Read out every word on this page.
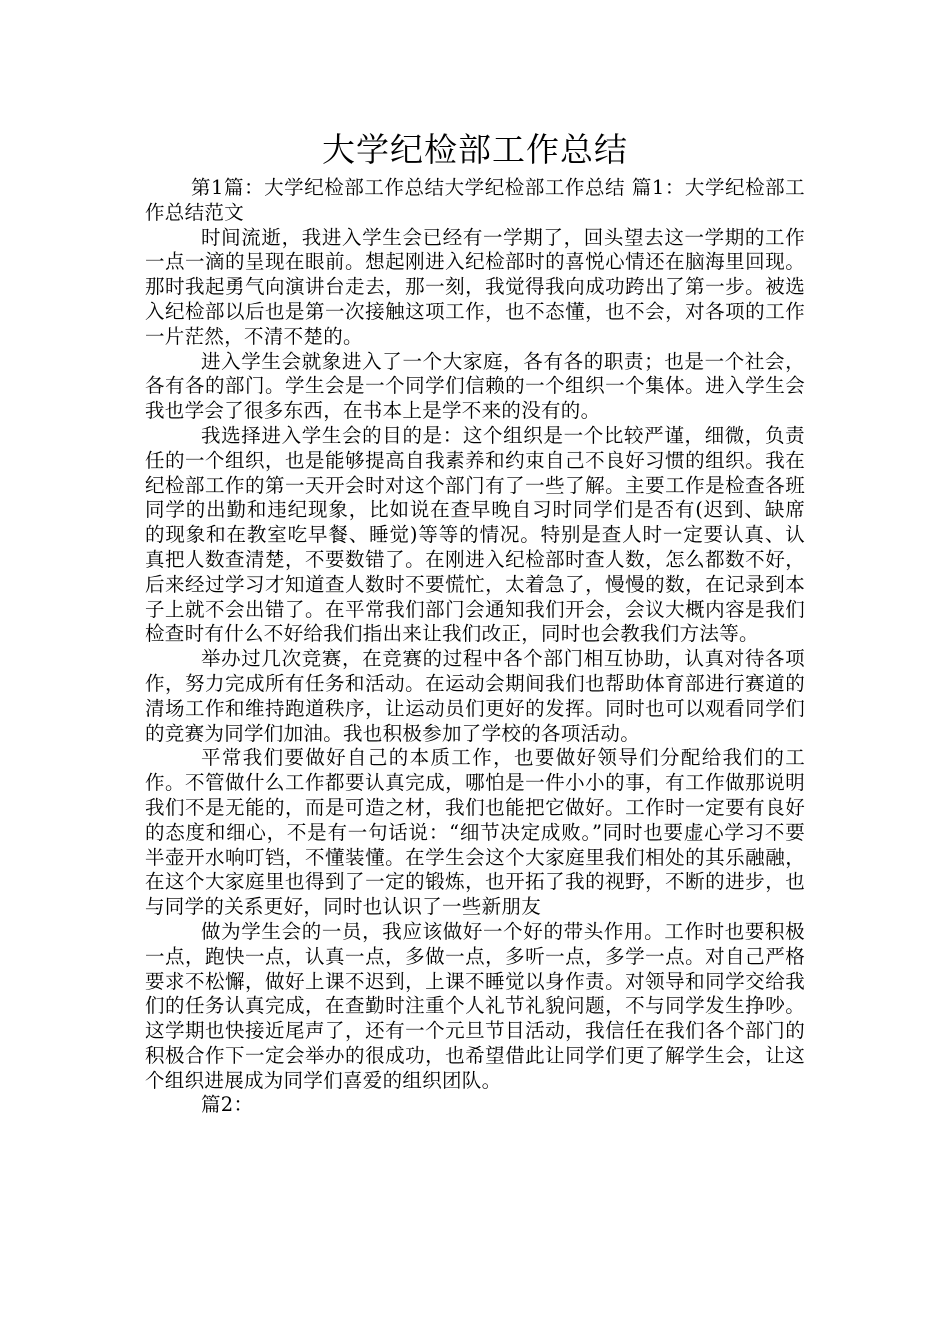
大学纪检部工作总结

第1篇：大学纪检部工作总结大学纪检部工作总结 篇1：大学纪检部工作总结范文

时间流逝，我进入学生会已经有一学期了，回头望去这一学期的工作一点一滴的呈现在眼前。想起刚进入纪检部时的喜悦心情还在脑海里回现。那时我起勇气向演讲台走去，那一刻，我觉得我向成功跨出了第一步。被选入纪检部以后也是第一次接触这项工作，也不态懂，也不会，对各项的工作一片茫然，不清不楚的。

进入学生会就象进入了一个大家庭，各有各的职责；也是一个社会，各有各的部门。学生会是一个同学们信赖的一个组织一个集体。进入学生会我也学会了很多东西，在书本上是学不来的没有的。

我选择进入学生会的目的是：这个组织是一个比较严谨，细微，负责任的一个组织，也是能够提高自我素养和约束自己不良好习惯的组织。我在纪检部工作的第一天开会时对这个部门有了一些了解。主要工作是检查各班同学的出勤和违纪现象，比如说在查早晚自习时同学们是否有(迟到、缺席的现象和在教室吃早餐、睡觉)等等的情况。特别是查人时一定要认真、认真把人数查清楚，不要数错了。在刚进入纪检部时查人数，怎么都数不好，后来经过学习才知道查人数时不要慌忙，太着急了，慢慢的数，在记录到本子上就不会出错了。在平常我们部门会通知我们开会，会议大概内容是我们检查时有什么不好给我们指出来让我们改正，同时也会教我们方法等。

举办过几次竞赛，在竞赛的过程中各个部门相互协助，认真对待各项作，努力完成所有任务和活动。在运动会期间我们也帮助体育部进行赛道的清场工作和维持跑道秩序，让运动员们更好的发挥。同时也可以观看同学们的竞赛为同学们加油。我也积极参加了学校的各项活动。

平常我们要做好自己的本质工作，也要做好领导们分配给我们的工作。不管做什么工作都要认真完成，哪怕是一件小小的事，有工作做那说明我们不是无能的，而是可造之材，我们也能把它做好。工作时一定要有良好的态度和细心，不是有一句话说：“细节决定成败。”同时也要虚心学习不要半壶开水响叮铛，不懂装懂。在学生会这个大家庭里我们相处的其乐融融，在这个大家庭里也得到了一定的锻炼，也开拓了我的视野，不断的进步，也与同学的关系更好，同时也认识了一些新朋友

做为学生会的一员，我应该做好一个好的带头作用。工作时也要积极一点，跑快一点，认真一点，多做一点，多听一点，多学一点。对自己严格要求不松懈，做好上课不迟到，上课不睡觉以身作责。对领导和同学交给我们的任务认真完成，在查勤时注重个人礼节礼貌问题，不与同学发生挣吵。 这学期也快接近尾声了，还有一个元旦节目活动，我信任在我们各个部门的积极合作下一定会举办的很成功，也希望借此让同学们更了解学生会，让这个组织进展成为同学们喜爱的组织团队。

篇2：
